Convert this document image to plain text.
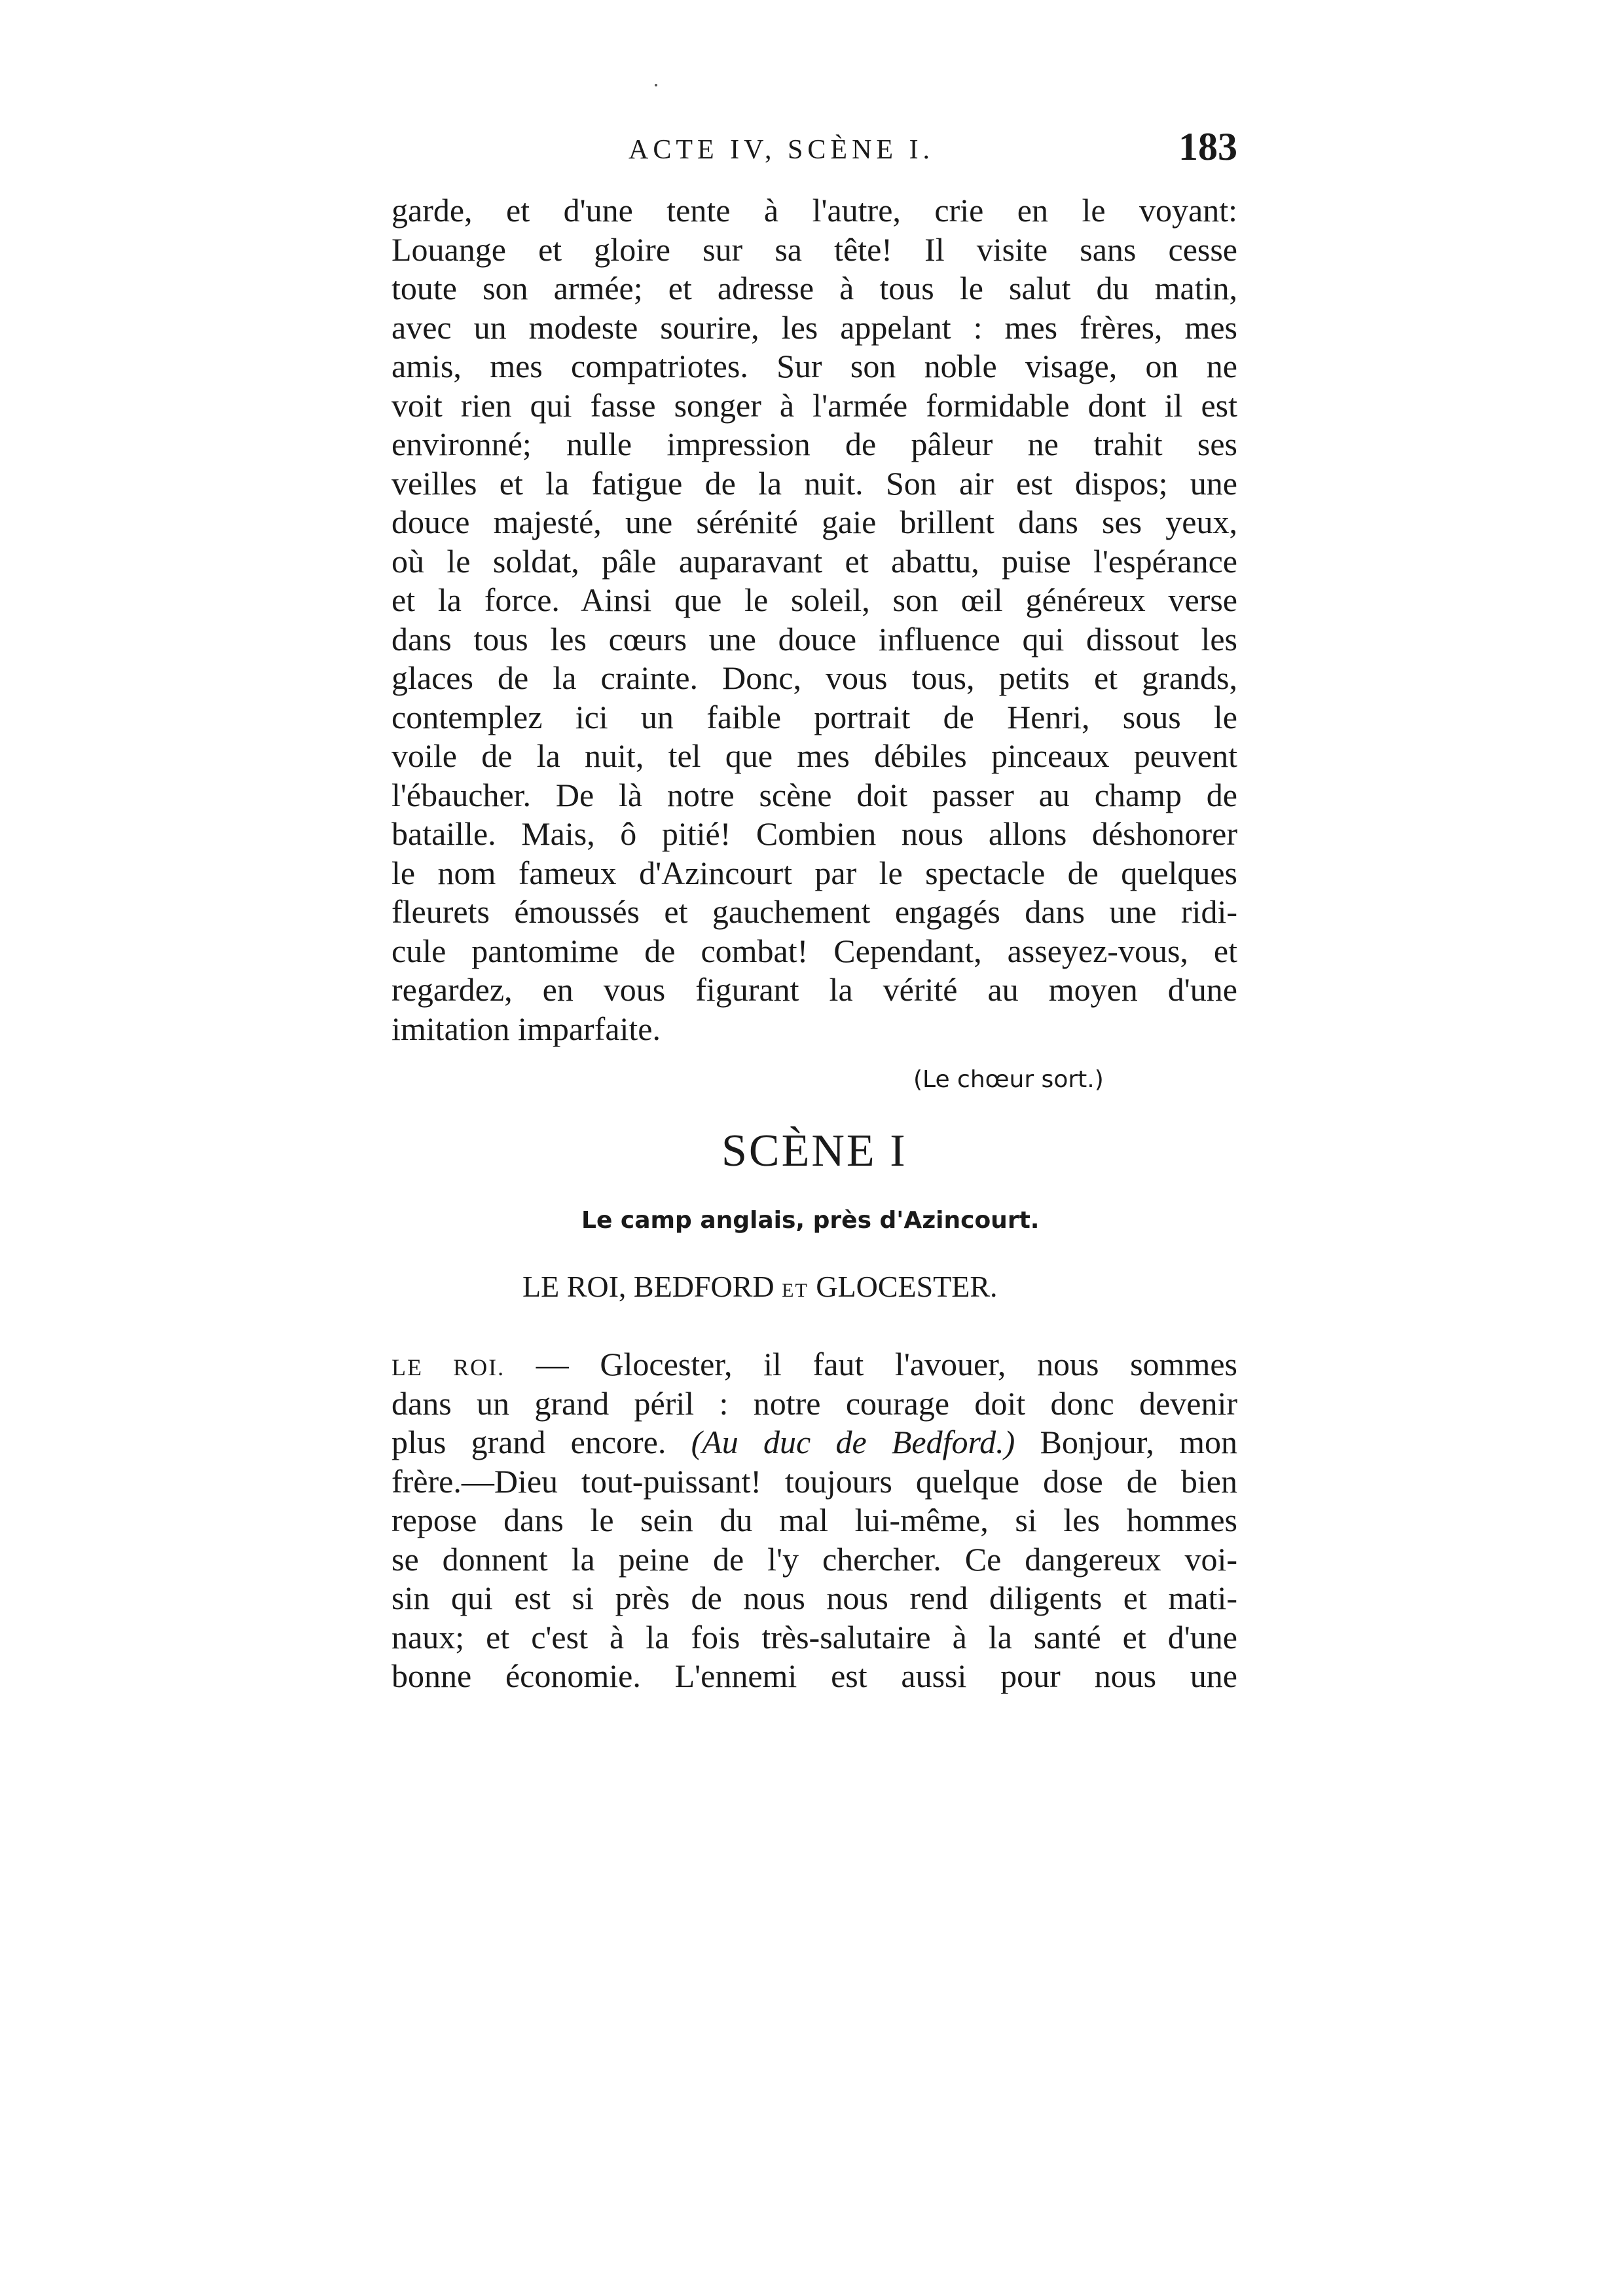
ACTE IV, SCÈNE I.	183
garde, et d'une tente à l'autre, crie en le voyant:
Louange et gloire sur sa tête! Il visite sans cesse
toute son armée; et adresse à tous le salut du matin,
avec un modeste sourire, les appelant : mes frères, mes
amis, mes compatriotes. Sur son noble visage, on ne
voit rien qui fasse songer à l'armée formidable dont il est
environné; nulle impression de pâleur ne trahit ses
veilles et la fatigue de la nuit. Son air est dispos; une
douce majesté, une sérénité gaie brillent dans ses yeux,
où le soldat, pâle auparavant et abattu, puise l'espérance
et la force. Ainsi que le soleil, son œil généreux verse
dans tous les cœurs une douce influence qui dissout les
glaces de la crainte. Donc, vous tous, petits et grands,
contemplez ici un faible portrait de Henri, sous le
voile de la nuit, tel que mes débiles pinceaux peuvent
l'ébaucher. De là notre scène doit passer au champ de
bataille. Mais, ô pitié! Combien nous allons déshonorer
le nom fameux d'Azincourt par le spectacle de quelques
fleurets émoussés et gauchement engagés dans une ridi-
cule pantomime de combat! Cependant, asseyez-vous, et
regardez, en vous figurant la vérité au moyen d'une
imitation imparfaite.
(Le chœur sort.)
SCÈNE I
Le camp anglais, près d'Azincourt.
LE ROI, BEDFORD ET GLOCESTER.
LE ROI. — Glocester, il faut l'avouer, nous sommes
dans un grand péril : notre courage doit donc devenir
plus grand encore. (Au duc de Bedford.) Bonjour, mon
frère.—Dieu tout-puissant! toujours quelque dose de bien
repose dans le sein du mal lui-même, si les hommes
se donnent la peine de l'y chercher. Ce dangereux voi-
sin qui est si près de nous nous rend diligents et mati-
naux; et c'est à la fois très-salutaire à la santé et d'une
bonne économie. L'ennemi est aussi pour nous une
